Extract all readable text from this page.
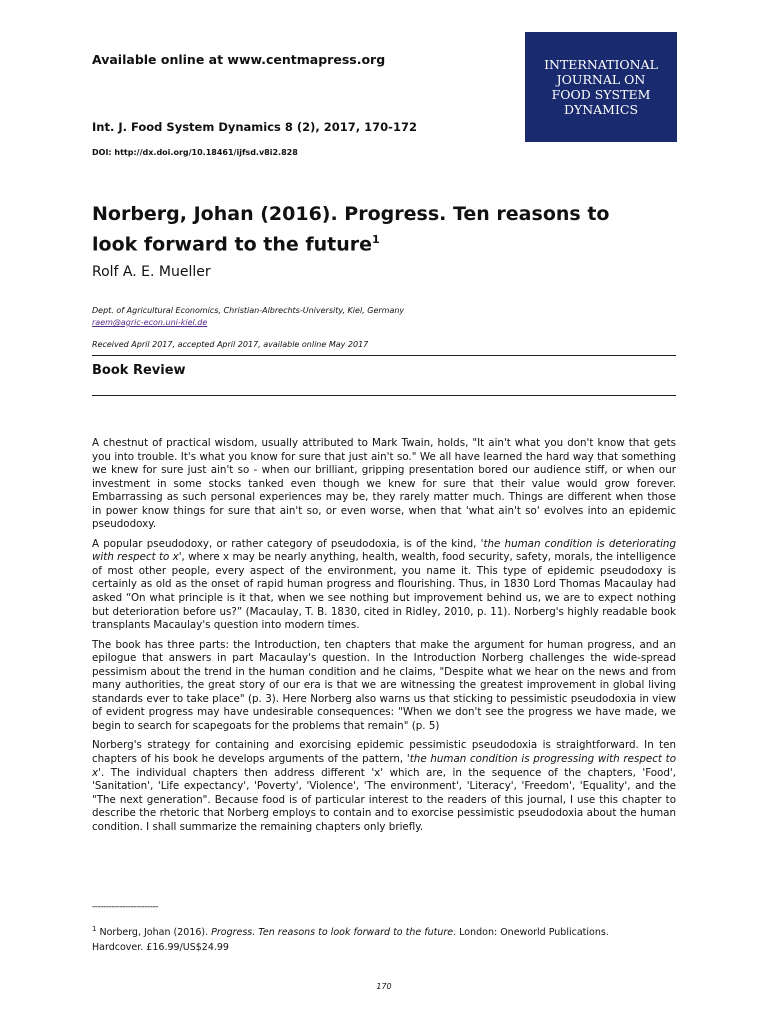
Available online at www.centmapress.org

Int. J. Food System Dynamics 8 (2), 2017, 170-172

DOI: http://dx.doi.org/10.18461/ijfsd.v8i2.828

INTERNATIONAL
JOURNAL ON
FOOD SYSTEM
DYNAMICS
Norberg, Johan (2016). Progress. Ten reasons to look forward to the future$^1$

Rolf A. E. Mueller

Dept. of Agricultural Economics, Christian-Albrechts-University, Kiel, Germany
raem@agric-econ.uni-kiel.de

Received April 2017, accepted April 2017, available online May 2017

Book Review

A chestnut of practical wisdom, usually attributed to Mark Twain, holds, "It ain't what you don't know that gets you into trouble. It's what you know for sure that just ain't so." We all have learned the hard way that something we knew for sure just ain't so - when our brilliant, gripping presentation bored our audience stiff, or when our investment in some stocks tanked even though we knew for sure that their value would grow forever. Embarrassing as such personal experiences may be, they rarely matter much. Things are different when those in power know things for sure that ain't so, or even worse, when that 'what ain't so' evolves into an epidemic pseudodoxy.

A popular pseudodoxy, or rather category of pseudodoxia, is of the kind, 'the human condition is deteriorating with respect to x', where x may be nearly anything, health, wealth, food security, safety, morals, the intelligence of most other people, every aspect of the environment, you name it. This type of epidemic pseudodoxy is certainly as old as the onset of rapid human progress and flourishing. Thus, in 1830 Lord Thomas Macaulay had asked “On what principle is it that, when we see nothing but improvement behind us, we are to expect nothing but deterioration before us?” (Macaulay, T. B. 1830, cited in Ridley, 2010, p. 11). Norberg's highly readable book transplants Macaulay's question into modern times.

The book has three parts: the Introduction, ten chapters that make the argument for human progress, and an epilogue that answers in part Macaulay's question. In the Introduction Norberg challenges the wide-spread pessimism about the trend in the human condition and he claims, "Despite what we hear on the news and from many authorities, the great story of our era is that we are witnessing the greatest improvement in global living standards ever to take place" (p. 3). Here Norberg also warns us that sticking to pessimistic pseudodoxia in view of evident progress may have undesirable consequences: "When we don't see the progress we have made, we begin to search for scapegoats for the problems that remain" (p. 5)

Norberg's strategy for containing and exorcising epidemic pessimistic pseudodoxia is straightforward. In ten chapters of his book he develops arguments of the pattern, 'the human condition is progressing with respect to x'. The individual chapters then address different 'x' which are, in the sequence of the chapters, 'Food', 'Sanitation', 'Life expectancy', 'Poverty', 'Violence', 'The environment', 'Literacy', 'Freedom', 'Equality', and the "The next generation". Because food is of particular interest to the readers of this journal, I use this chapter to describe the rhetoric that Norberg employs to contain and to exorcise pessimistic pseudodoxia about the human condition. I shall summarize the remaining chapters only briefly.

------------------------

$^1$ Norberg, Johan (2016). Progress. Ten reasons to look forward to the future. London: Oneworld Publications.
Hardcover. £16.99/US$24.99

170
